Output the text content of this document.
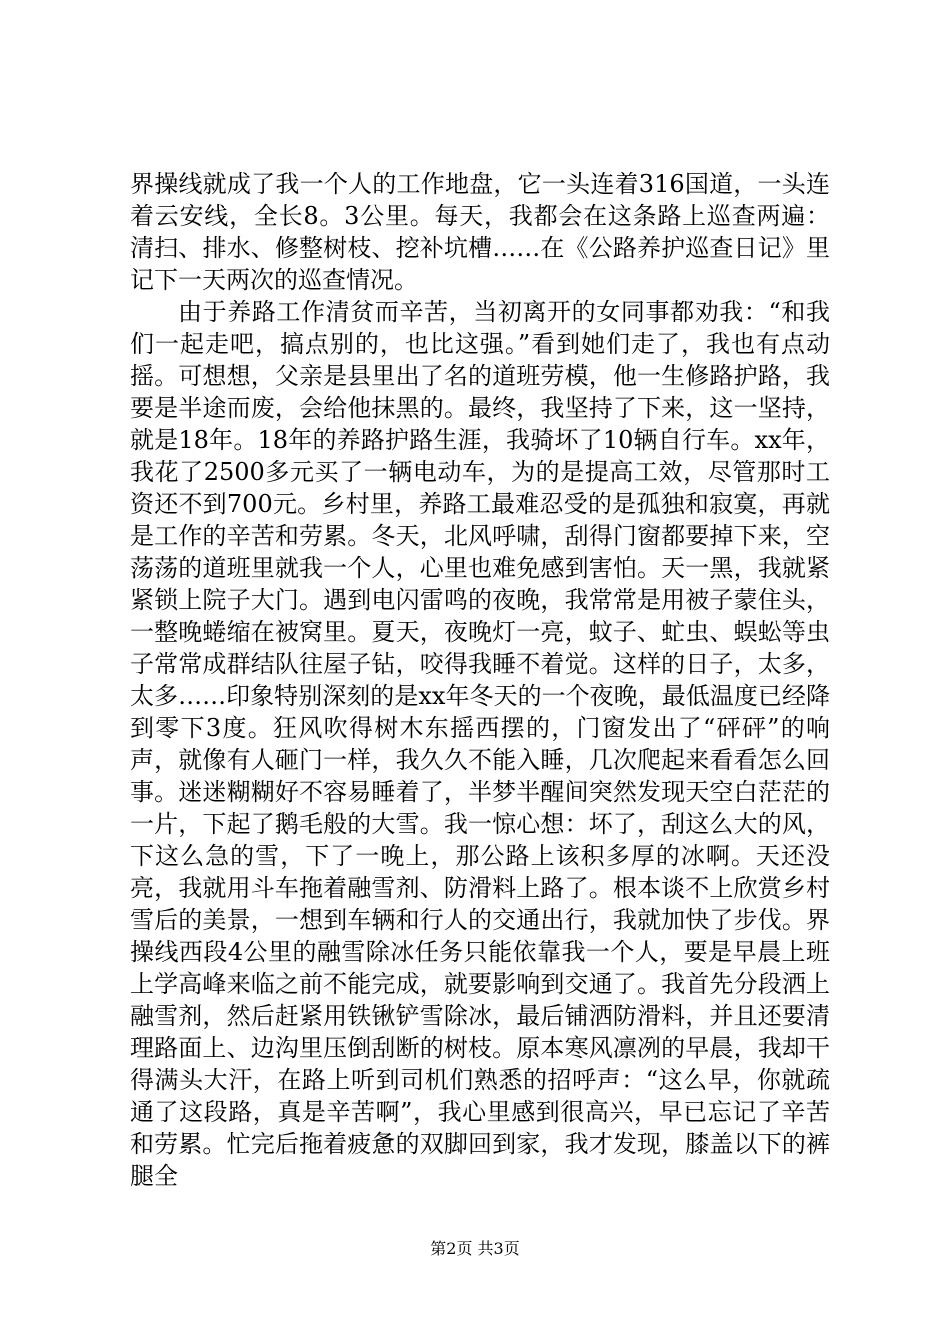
界操线就成了我一个人的工作地盘，它一头连着316国道，一头连着云安线，全长8。3公里。每天，我都会在这条路上巡查两遍：清扫、排水、修整树枝、挖补坑槽……在《公路养护巡查日记》里记下一天两次的巡查情况。

由于养路工作清贫而辛苦，当初离开的女同事都劝我：“和我们一起走吧，搞点别的，也比这强。”看到她们走了，我也有点动摇。可想想，父亲是县里出了名的道班劳模，他一生修路护路，我要是半途而废，会给他抹黑的。最终，我坚持了下来，这一坚持，就是18年。18年的养路护路生涯，我骑坏了10辆自行车。xx年，我花了2500多元买了一辆电动车，为的是提高工效，尽管那时工资还不到700元。乡村里，养路工最难忍受的是孤独和寂寞，再就是工作的辛苦和劳累。冬天，北风呼啸，刮得门窗都要掉下来，空荡荡的道班里就我一个人，心里也难免感到害怕。天一黑，我就紧紧锁上院子大门。遇到电闪雷鸣的夜晚，我常常是用被子蒙住头，一整晚蜷缩在被窝里。夏天，夜晚灯一亮，蚊子、虻虫、蜈蚣等虫子常常成群结队往屋子钻，咬得我睡不着觉。这样的日子，太多，太多……印象特别深刻的是xx年冬天的一个夜晚，最低温度已经降到零下3度。狂风吹得树木东摇西摆的，门窗发出了“砰砰”的响声，就像有人砸门一样，我久久不能入睡，几次爬起来看看怎么回事。迷迷糊糊好不容易睡着了，半梦半醒间突然发现天空白茫茫的一片，下起了鹅毛般的大雪。我一惊心想：坏了，刮这么大的风，下这么急的雪，下了一晚上，那公路上该积多厚的冰啊。天还没亮，我就用斗车拖着融雪剂、防滑料上路了。根本谈不上欣赏乡村雪后的美景，一想到车辆和行人的交通出行，我就加快了步伐。界操线西段4公里的融雪除冰任务只能依靠我一个人，要是早晨上班上学高峰来临之前不能完成，就要影响到交通了。我首先分段洒上融雪剂，然后赶紧用铁锹铲雪除冰，最后铺洒防滑料，并且还要清理路面上、边沟里压倒刮断的树枝。原本寒风凛冽的早晨，我却干得满头大汗，在路上听到司机们熟悉的招呼声：“这么早，你就疏通了这段路，真是辛苦啊”，我心里感到很高兴，早已忘记了辛苦和劳累。忙完后拖着疲惫的双脚回到家，我才发现，膝盖以下的裤腿全

第2页 共3页
